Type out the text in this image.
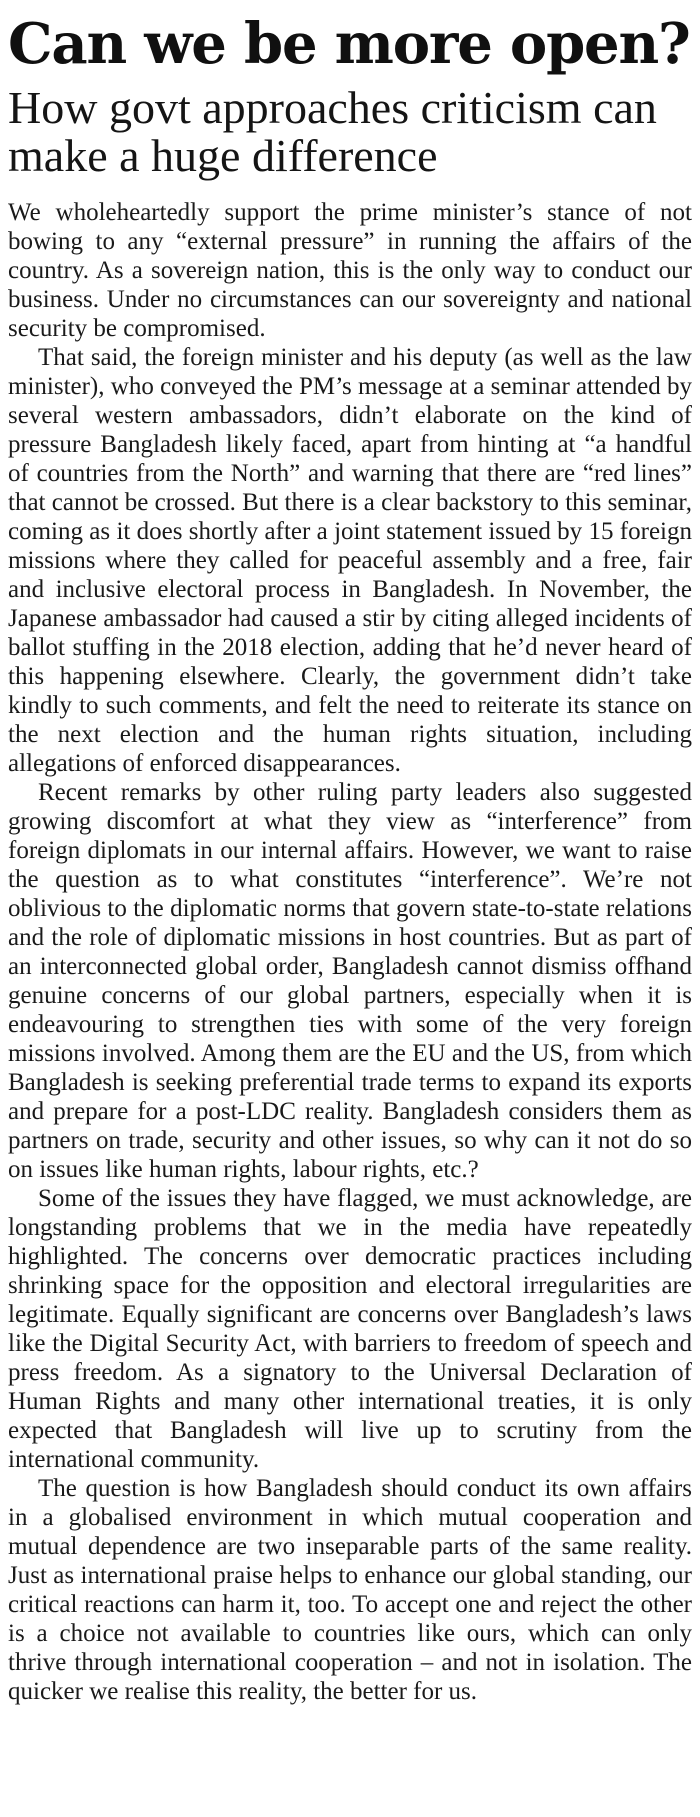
Can we be more open?
How govt approaches criticism can make a huge difference

We wholeheartedly support the prime minister’s stance of not bowing to any “external pressure” in running the affairs of the country. As a sovereign nation, this is the only way to conduct our business. Under no circumstances can our sovereignty and national security be compromised.

That said, the foreign minister and his deputy (as well as the law minister), who conveyed the PM’s message at a seminar attended by several western ambassadors, didn’t elaborate on the kind of pressure Bangladesh likely faced, apart from hinting at “a handful of countries from the North” and warning that there are “red lines” that cannot be crossed. But there is a clear backstory to this seminar, coming as it does shortly after a joint statement issued by 15 foreign missions where they called for peaceful assembly and a free, fair and inclusive electoral process in Bangladesh. In November, the Japanese ambassador had caused a stir by citing alleged incidents of ballot stuffing in the 2018 election, adding that he’d never heard of this happening elsewhere. Clearly, the government didn’t take kindly to such comments, and felt the need to reiterate its stance on the next election and the human rights situation, including allegations of enforced disappearances.

Recent remarks by other ruling party leaders also suggested growing discomfort at what they view as “interference” from foreign diplomats in our internal affairs. However, we want to raise the question as to what constitutes “interference”. We’re not oblivious to the diplomatic norms that govern state-to-state relations and the role of diplomatic missions in host countries. But as part of an interconnected global order, Bangladesh cannot dismiss offhand genuine concerns of our global partners, especially when it is endeavouring to strengthen ties with some of the very foreign missions involved. Among them are the EU and the US, from which Bangladesh is seeking preferential trade terms to expand its exports and prepare for a post-LDC reality. Bangladesh considers them as partners on trade, security and other issues, so why can it not do so on issues like human rights, labour rights, etc.?

Some of the issues they have flagged, we must acknowledge, are longstanding problems that we in the media have repeatedly highlighted. The concerns over democratic practices including shrinking space for the opposition and electoral irregularities are legitimate. Equally significant are concerns over Bangladesh’s laws like the Digital Security Act, with barriers to freedom of speech and press freedom. As a signatory to the Universal Declaration of Human Rights and many other international treaties, it is only expected that Bangladesh will live up to scrutiny from the international community.

The question is how Bangladesh should conduct its own affairs in a globalised environment in which mutual cooperation and mutual dependence are two inseparable parts of the same reality. Just as international praise helps to enhance our global standing, our critical reactions can harm it, too. To accept one and reject the other is a choice not available to countries like ours, which can only thrive through international cooperation – and not in isolation. The quicker we realise this reality, the better for us.
